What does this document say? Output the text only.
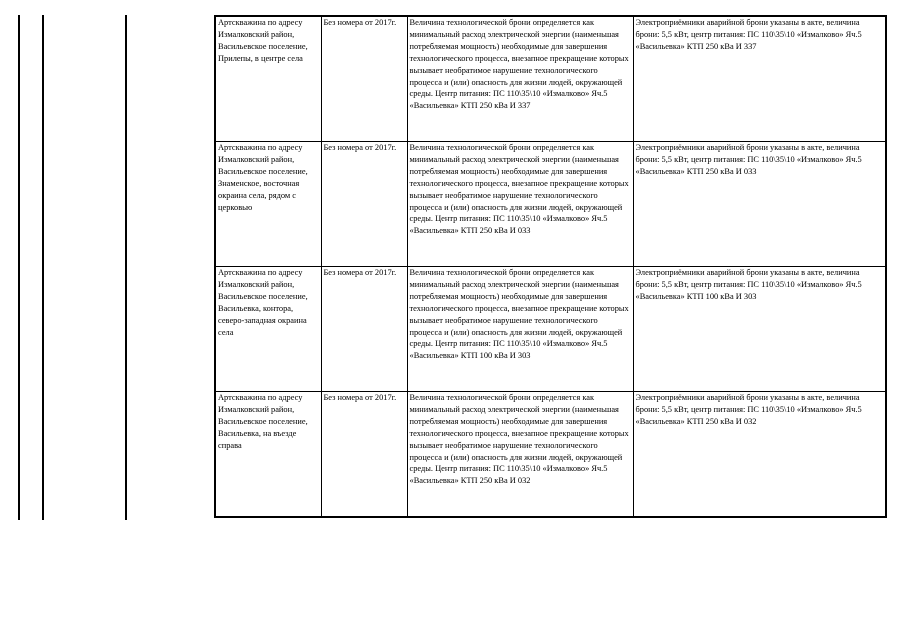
Артскважина по адресу Измалковский район, Васильевское поселение, Прилепы, в центре села	Без номера от 2017г.	Величина технологической брони определяется как минимальный расход электрической энергии (наименьшая потребляемая мощность) необходимые для завершения технологического процесса, внезапное прекращение которых вызывает необратимое нарушение технологического процесса и (или) опасность для жизни людей, окружающей среды. Центр питания: ПС 110\35\10 «Измалково» Яч.5 «Васильевка» КТП 250 кВа И 337	Электроприёмники аварийной брони указаны в акте, величина брони: 5,5 кВт, центр питания: ПС 110\35\10 «Измалково» Яч.5 «Васильевка» КТП 250 кВа И 337
Артскважина по адресу Измалковский район, Васильевское поселение, Знаменское, восточная окраина села, рядом с церковью	Без номера от 2017г.	Величина технологической брони определяется как минимальный расход электрической энергии (наименьшая потребляемая мощность) необходимые для завершения технологического процесса, внезапное прекращение которых вызывает необратимое нарушение технологического процесса и (или) опасность для жизни людей, окружающей среды. Центр питания: ПС 110\35\10 «Измалково» Яч.5 «Васильевка» КТП 250 кВа И 033	Электроприёмники аварийной брони указаны в акте, величина брони: 5,5 кВт, центр питания: ПС 110\35\10 «Измалково» Яч.5 «Васильевка» КТП 250 кВа И 033
Артскважина по адресу Измалковский район, Васильевское поселение, Васильевка, контора, северо-западная окраина села	Без номера от 2017г.	Величина технологической брони определяется как минимальный расход электрической энергии (наименьшая потребляемая мощность) необходимые для завершения технологического процесса, внезапное прекращение которых вызывает необратимое нарушение технологического процесса и (или) опасность для жизни людей, окружающей среды. Центр питания: ПС 110\35\10 «Измалково» Яч.5 «Васильевка» КТП 100 кВа И 303	Электроприёмники аварийной брони указаны в акте, величина брони: 5,5 кВт, центр питания: ПС 110\35\10 «Измалково» Яч.5 «Васильевка» КТП 100 кВа И 303
Артскважина по адресу Измалковский район, Васильевское поселение, Васильевка, на въезде справа	Без номера от 2017г.	Величина технологической брони определяется как минимальный расход электрической энергии (наименьшая потребляемая мощность) необходимые для завершения технологического процесса, внезапное прекращение которых вызывает необратимое нарушение технологического процесса и (или) опасность для жизни людей, окружающей среды. Центр питания: ПС 110\35\10 «Измалково» Яч.5 «Васильевка» КТП 250 кВа И 032	Электроприёмники аварийной брони указаны в акте, величина брони: 5,5 кВт, центр питания: ПС 110\35\10 «Измалково» Яч.5 «Васильевка» КТП 250 кВа И 032
